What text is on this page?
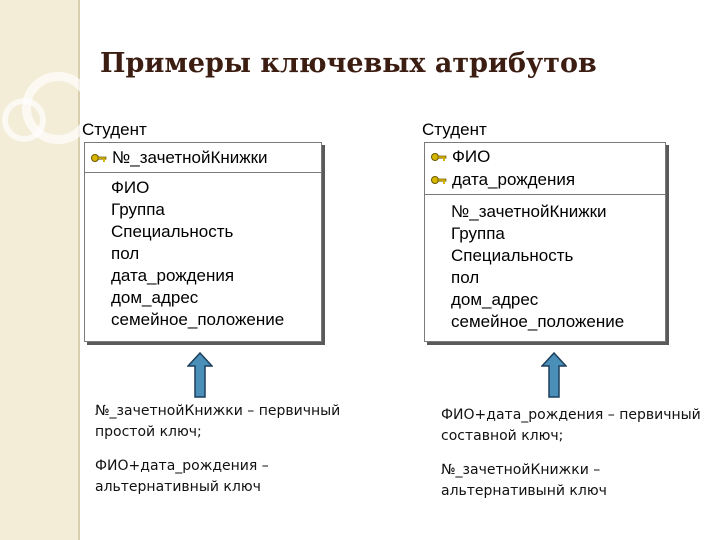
Примеры ключевых атрибутов
Студент
№_зачетнойКнижки
ФИО
Группа
Специальность
пол
дата_рождения
дом_адрес
семейное_положение
Студент
ФИО
дата_рождения
№_зачетнойКнижки
Группа
Специальность
пол
дом_адрес
семейное_положение
№_зачетнойКнижки – первичный простой ключ;
ФИО+дата_рождения – альтернативный ключ
ФИО+дата_рождения – первичный составной ключ;
№_зачетнойКнижки – альтернативынй ключ
